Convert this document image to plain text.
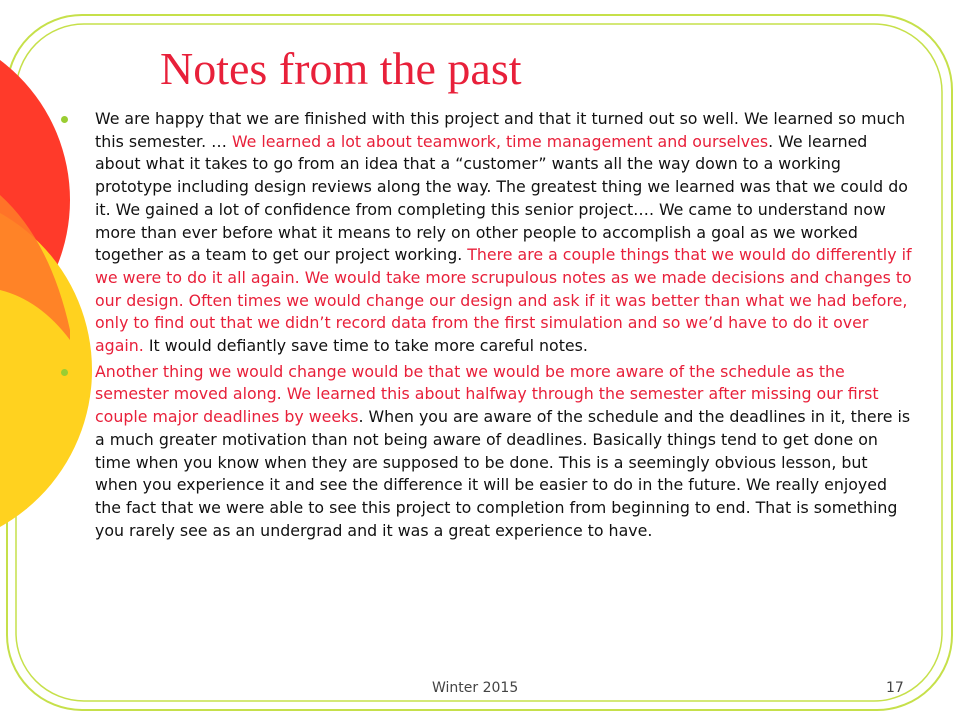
Notes from the past
We are happy that we are finished with this project and that it turned out so well. We learned so much this semester. … We learned a lot about teamwork, time management and ourselves. We learned about what it takes to go from an idea that a “customer” wants all the way down to a working prototype including design reviews along the way. The greatest thing we learned was that we could do it. We gained a lot of confidence from completing this senior project…. We came to understand now more than ever before what it means to rely on other people to accomplish a goal as we worked together as a team to get our project working. There are a couple things that we would do differently if we were to do it all again. We would take more scrupulous notes as we made decisions and changes to our design. Often times we would change our design and ask if it was better than what we had before, only to find out that we didn’t record data from the first simulation and so we’d have to do it over again. It would defiantly save time to take more careful notes.
Another thing we would change would be that we would be more aware of the schedule as the semester moved along. We learned this about halfway through the semester after missing our first couple major deadlines by weeks. When you are aware of the schedule and the deadlines in it, there is a much greater motivation than not being aware of deadlines. Basically things tend to get done on time when you know when they are supposed to be done. This is a seemingly obvious lesson, but when you experience it and see the difference it will be easier to do in the future. We really enjoyed the fact that we were able to see this project to completion from beginning to end. That is something you rarely see as an undergrad and it was a great experience to have.
Winter 2015	17
